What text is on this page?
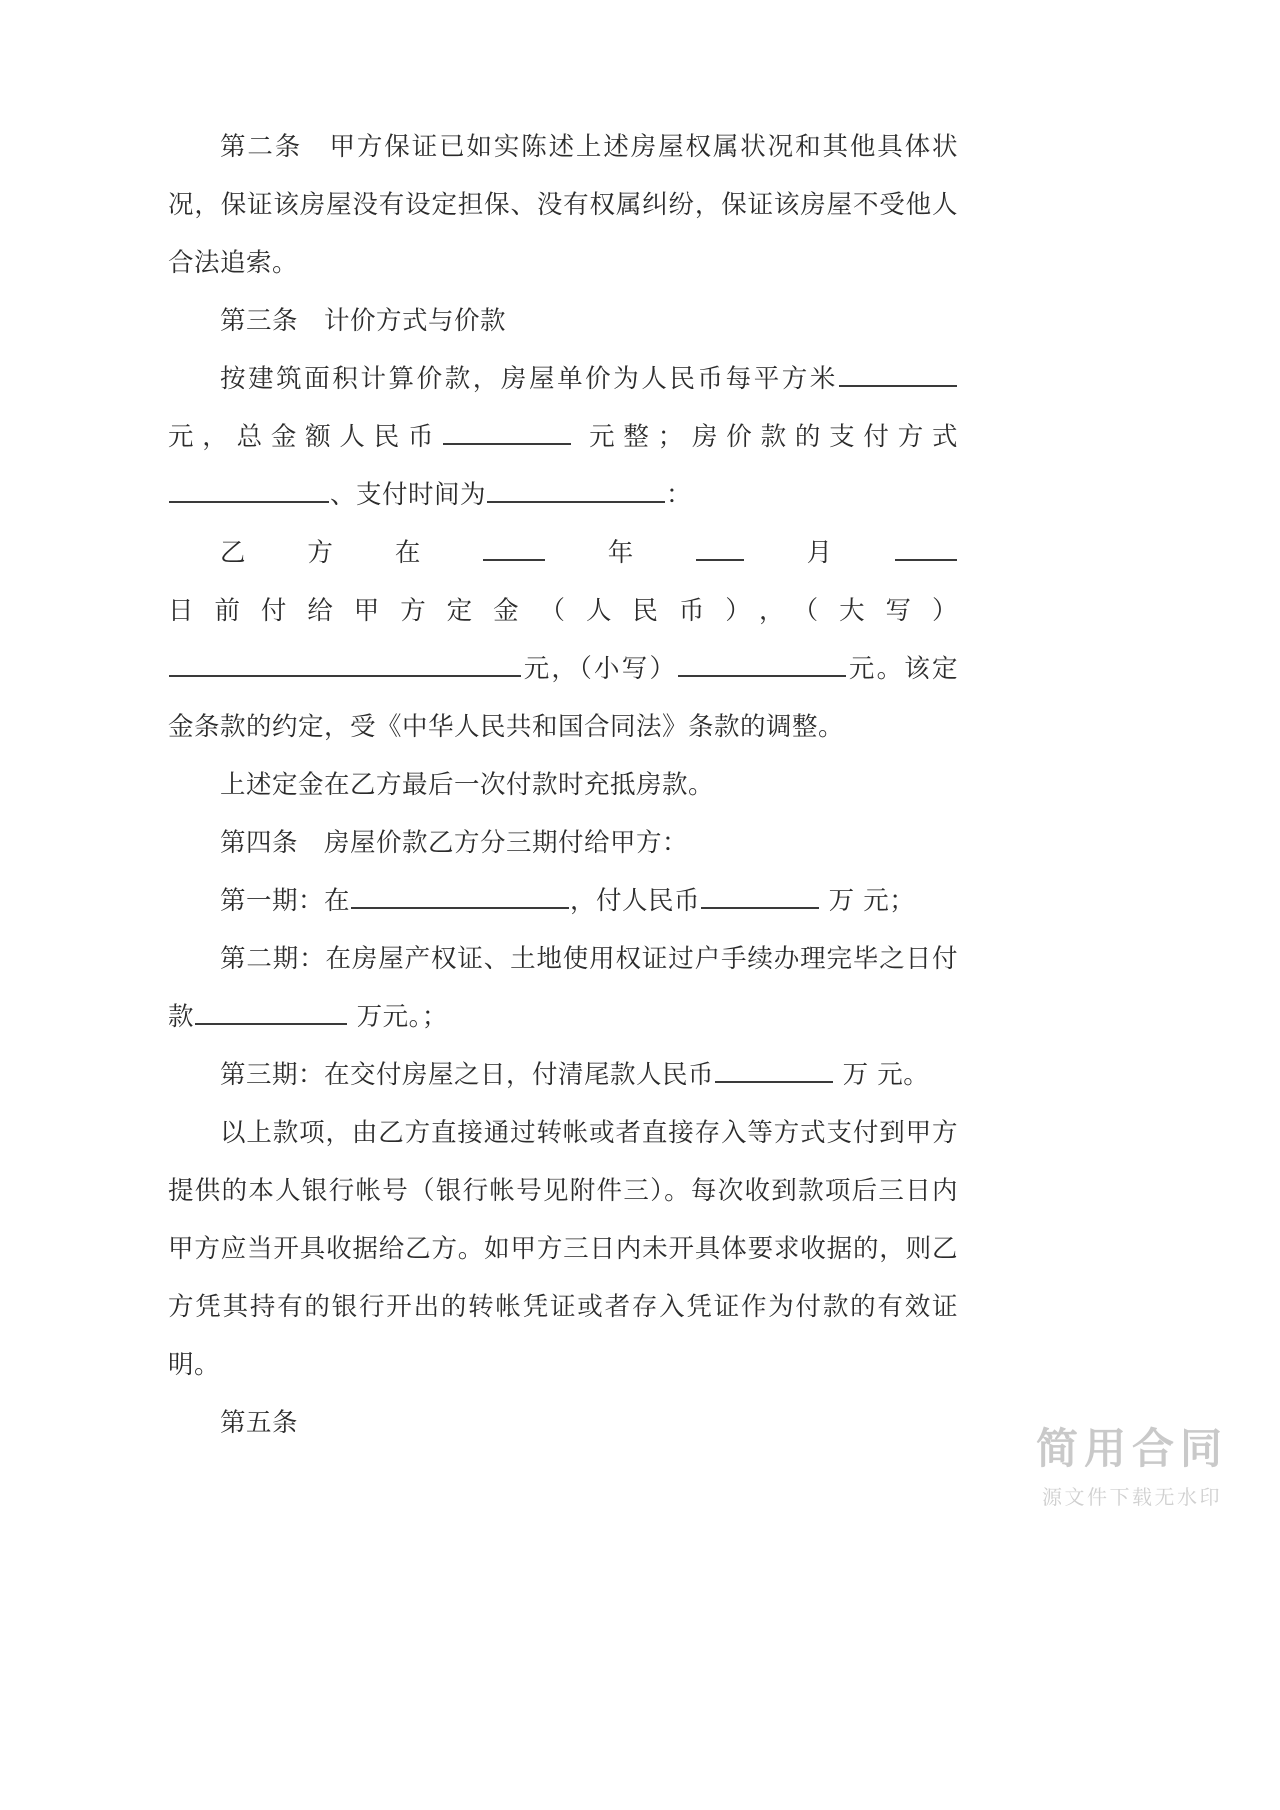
第二条　甲方保证已如实陈述上述房屋权属状况和其他具体状况，保证该房屋没有设定担保、没有权属纠纷，保证该房屋不受他人合法追索。

第三条　计价方式与价款

按建筑面积计算价款，房屋单价为人民币每平方米	元，总金额人民币	元整；房价款的支付方式、支付时间为	：

乙方在	年 月日前付给甲方定金（人民币），（大写）元，（小写）	元。该定金条款的约定，受《中华人民共和国合同法》条款的调整。

上述定金在乙方最后一次付款时充抵房款。

第四条　房屋价款乙方分三期付给甲方：

第一期：在	，付人民币	万 元；

第二期：在房屋产权证、土地使用权证过户手续办理完毕之日付款	万元。；

第三期：在交付房屋之日，付清尾款人民币	万 元。

以上款项，由乙方直接通过转帐或者直接存入等方式支付到甲方提供的本人银行帐号（银行帐号见附件三）。每次收到款项后三日内甲方应当开具收据给乙方。如甲方三日内未开具体要求收据的，则乙方凭其持有的银行开出的转帐凭证或者存入凭证作为付款的有效证明。

第五条

简用合同
源文件下载无水印
